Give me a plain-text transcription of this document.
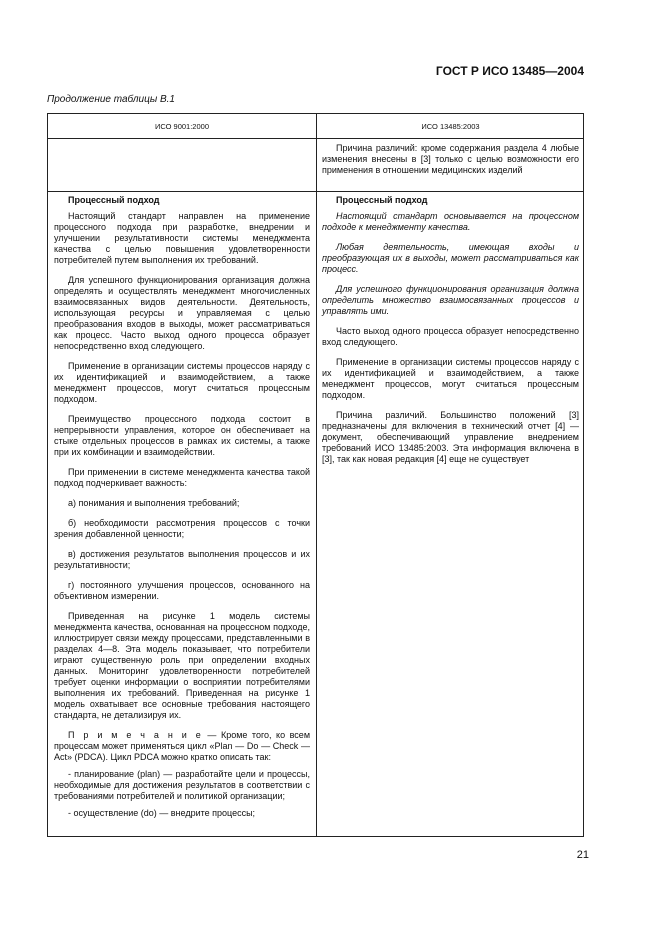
ГОСТ Р ИСО 13485—2004
Продолжение таблицы В.1
ИСО 9001:2000	ИСО 13485:2003

Причина различий: кроме содержания раздела 4 любые изменения внесены в [3] только с целью возможности его применения в отношении медицинских изделий

Процессный подход

Настоящий стандарт направлен на применение процессного подхода при разработке, внедрении и улучшении результативности системы менеджмента качества с целью повышения удовлетворенности потребителей путем выполнения их требований.

Для успешного функционирования организация должна определять и осуществлять менеджмент многочисленных взаимосвязанных видов деятельности. Деятельность, использующая ресурсы и управляемая с целью преобразования входов в выходы, может рассматриваться как процесс. Часто выход одного процесса образует непосредственно вход следующего.

Применение в организации системы процессов наряду с их идентификацией и взаимодействием, а также менеджмент процессов, могут считаться процессным подходом.

Преимущество процессного подхода состоит в непрерывности управления, которое он обеспечивает на стыке отдельных процессов в рамках их системы, а также при их комбинации и взаимодействии.

При применении в системе менеджмента качества такой подход подчеркивает важность:

а) понимания и выполнения требований;

б) необходимости рассмотрения процессов с точки зрения добавленной ценности;

в) достижения результатов выполнения процессов и их результативности;

г) постоянного улучшения процессов, основанного на объективном измерении.

Приведенная на рисунке 1 модель системы менеджмента качества, основанная на процессном подходе, иллюстрирует связи между процессами, представленными в разделах 4—8. Эта модель показывает, что потребители играют существенную роль при определении входных данных. Мониторинг удовлетворенности потребителей требует оценки информации о восприятии потребителями выполнения их требований. Приведенная на рисунке 1 модель охватывает все основные требования настоящего стандарта, не детализируя их.

П р и м е ч а н и е — Кроме того, ко всем процессам может применяться цикл «Plan — Do — Check — Act» (PDCA). Цикл PDCA можно кратко описать так:

- планирование (plan) — разработайте цели и процессы, необходимые для достижения результатов в соответствии с требованиями потребителей и политикой организации;

- осуществление (do) — внедрите процессы;

Процессный подход

Настоящий стандарт основывается на процессном подходе к менеджменту качества.

Любая деятельность, имеющая входы и преобразующая их в выходы, может рассматриваться как процесс.

Для успешного функционирования организация должна определить множество взаимосвязанных процессов и управлять ими.

Часто выход одного процесса образует непосредственно вход следующего.

Применение в организации системы процессов наряду с их идентификацией и взаимодействием, а также менеджмент процессов, могут считаться процессным подходом.

Причина различий. Большинство положений [3] предназначены для включения в технический отчет [4] — документ, обеспечивающий управление внедрением требований ИСО 13485:2003. Эта информация включена в [3], так как новая редакция [4] еще не существует

21
